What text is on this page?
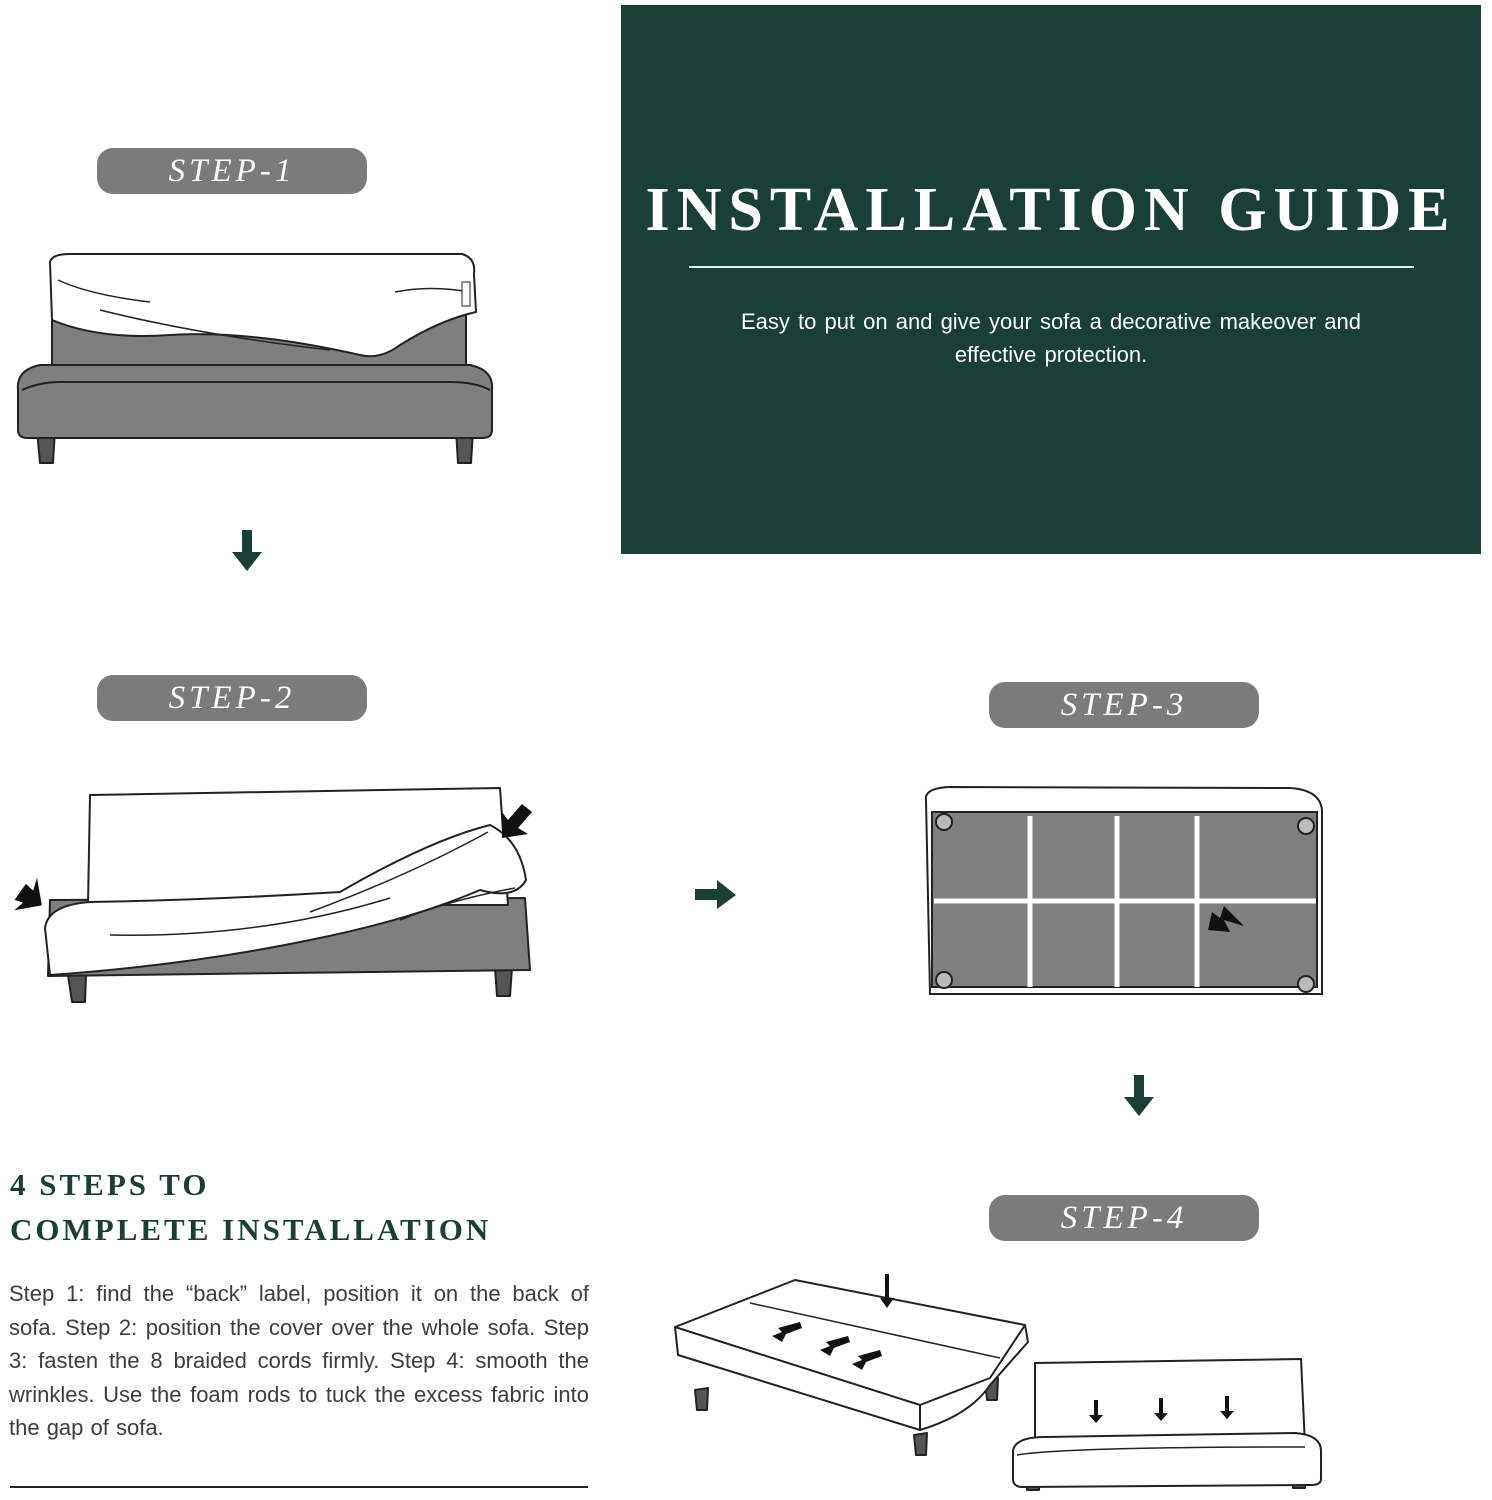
STEP-1
STEP-2	STEP-3
STEP-4
INSTALLATION GUIDE
Easy to put on and give your sofa a decorative makeover and effective protection.
4 STEPS TO
COMPLETE INSTALLATION
Step 1: find the “back” label, position it on the back of sofa. Step 2: position the cover over the whole sofa. Step 3: fasten the 8 braided cords firmly. Step 4: smooth the wrinkles. Use the foam rods to tuck the excess fabric into the gap of sofa.
